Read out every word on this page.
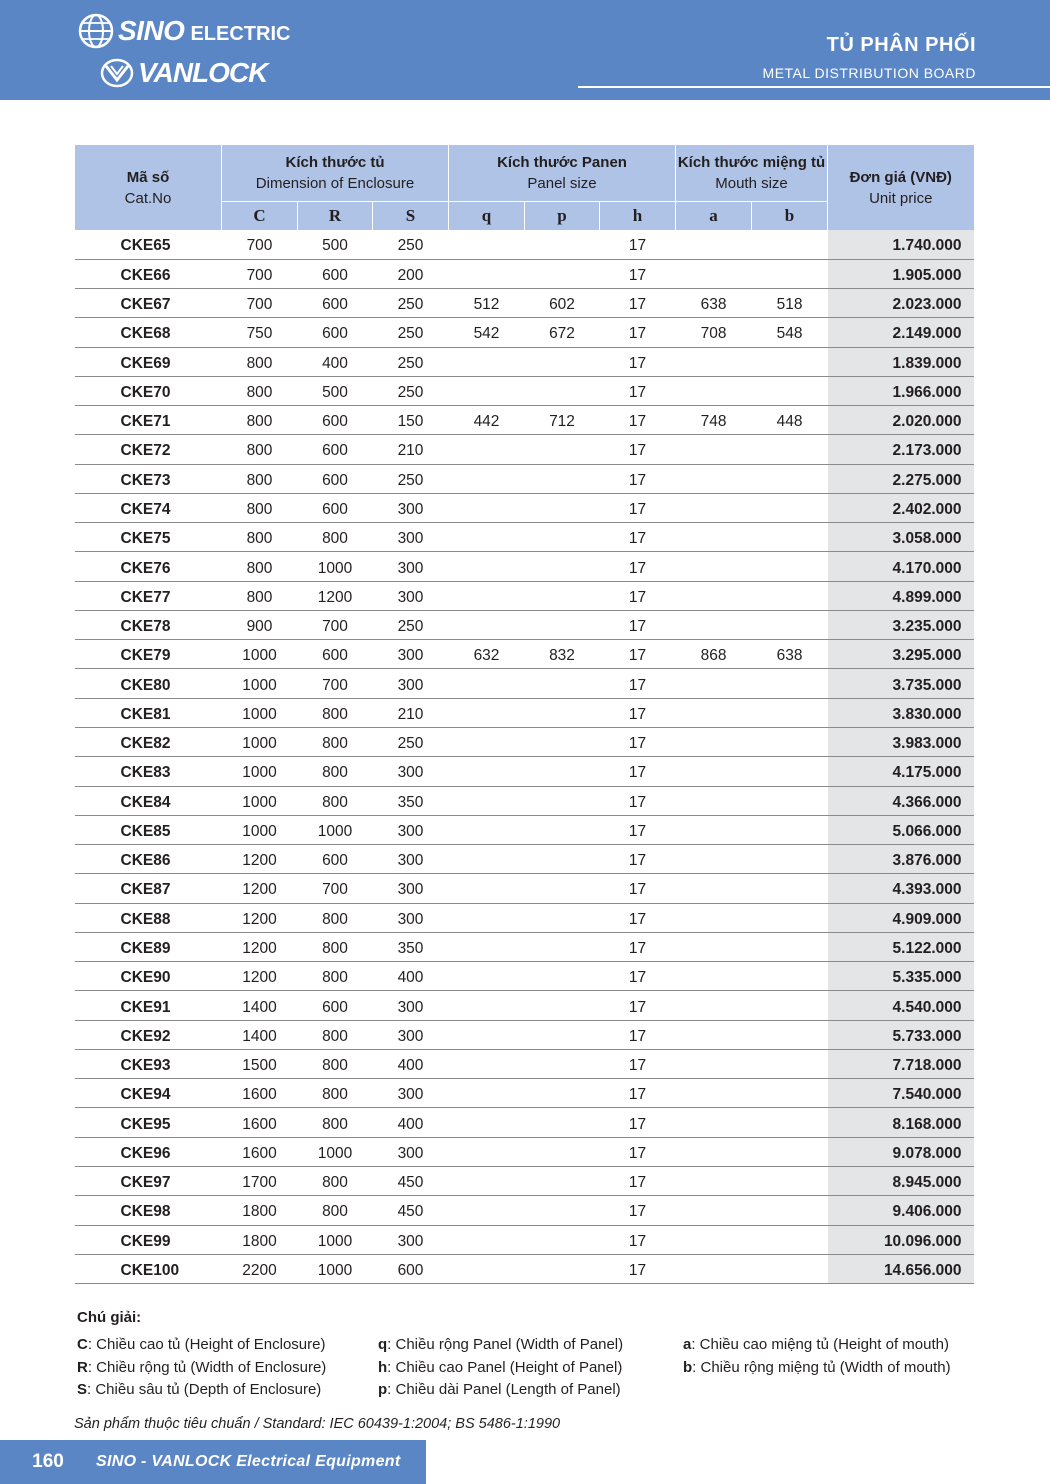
SINO ELECTRIC
VANLOCK
TỦ PHÂN PHỐI
METAL DISTRIBUTION BOARD
Mã số
Cat.No	Kích thước tủ
Dimension of Enclosure			Kích thước Panen
Panel size			Kích thước miệng tủ
Mouth size		Đơn giá (VNĐ)
Unit price

	C	R	S	q	p	h	a	b	
CKE65	700	500	250			17			1.740.000
CKE66	700	600	200			17			1.905.000
CKE67	700	600	250	512	602	17	638	518	2.023.000
CKE68	750	600	250	542	672	17	708	548	2.149.000
CKE69	800	400	250			17			1.839.000
CKE70	800	500	250			17			1.966.000
CKE71	800	600	150	442	712	17	748	448	2.020.000
CKE72	800	600	210			17			2.173.000
CKE73	800	600	250			17			2.275.000
CKE74	800	600	300			17			2.402.000
CKE75	800	800	300			17			3.058.000
CKE76	800	1000	300			17			4.170.000
CKE77	800	1200	300			17			4.899.000
CKE78	900	700	250			17			3.235.000
CKE79	1000	600	300	632	832	17	868	638	3.295.000
CKE80	1000	700	300			17			3.735.000
CKE81	1000	800	210			17			3.830.000
CKE82	1000	800	250			17			3.983.000
CKE83	1000	800	300			17			4.175.000
CKE84	1000	800	350			17			4.366.000
CKE85	1000	1000	300			17			5.066.000
CKE86	1200	600	300			17			3.876.000
CKE87	1200	700	300			17			4.393.000
CKE88	1200	800	300			17			4.909.000
CKE89	1200	800	350			17			5.122.000
CKE90	1200	800	400			17			5.335.000
CKE91	1400	600	300			17			4.540.000
CKE92	1400	800	300			17			5.733.000
CKE93	1500	800	400			17			7.718.000
CKE94	1600	800	300			17			7.540.000
CKE95	1600	800	400			17			8.168.000
CKE96	1600	1000	300			17			9.078.000
CKE97	1700	800	450			17			8.945.000
CKE98	1800	800	450			17			9.406.000
CKE99	1800	1000	300			17			10.096.000
CKE100	2200	1000	600			17			14.656.000
Chú giải:
C: Chiều cao tủ (Height of Enclosure)
R: Chiều rộng tủ (Width of Enclosure)
S: Chiều sâu tủ (Depth of Enclosure)
q: Chiều rộng Panel (Width of Panel)
h: Chiều cao Panel (Height of Panel)
p: Chiều dài Panel (Length of Panel)
a: Chiều cao miệng tủ (Height of mouth)
b: Chiều rộng miệng tủ (Width of mouth)
Sản phẩm thuộc tiêu chuẩn / Standard: IEC 60439-1:2004; BS 5486-1:1990
160	SINO - VANLOCK Electrical Equipment
